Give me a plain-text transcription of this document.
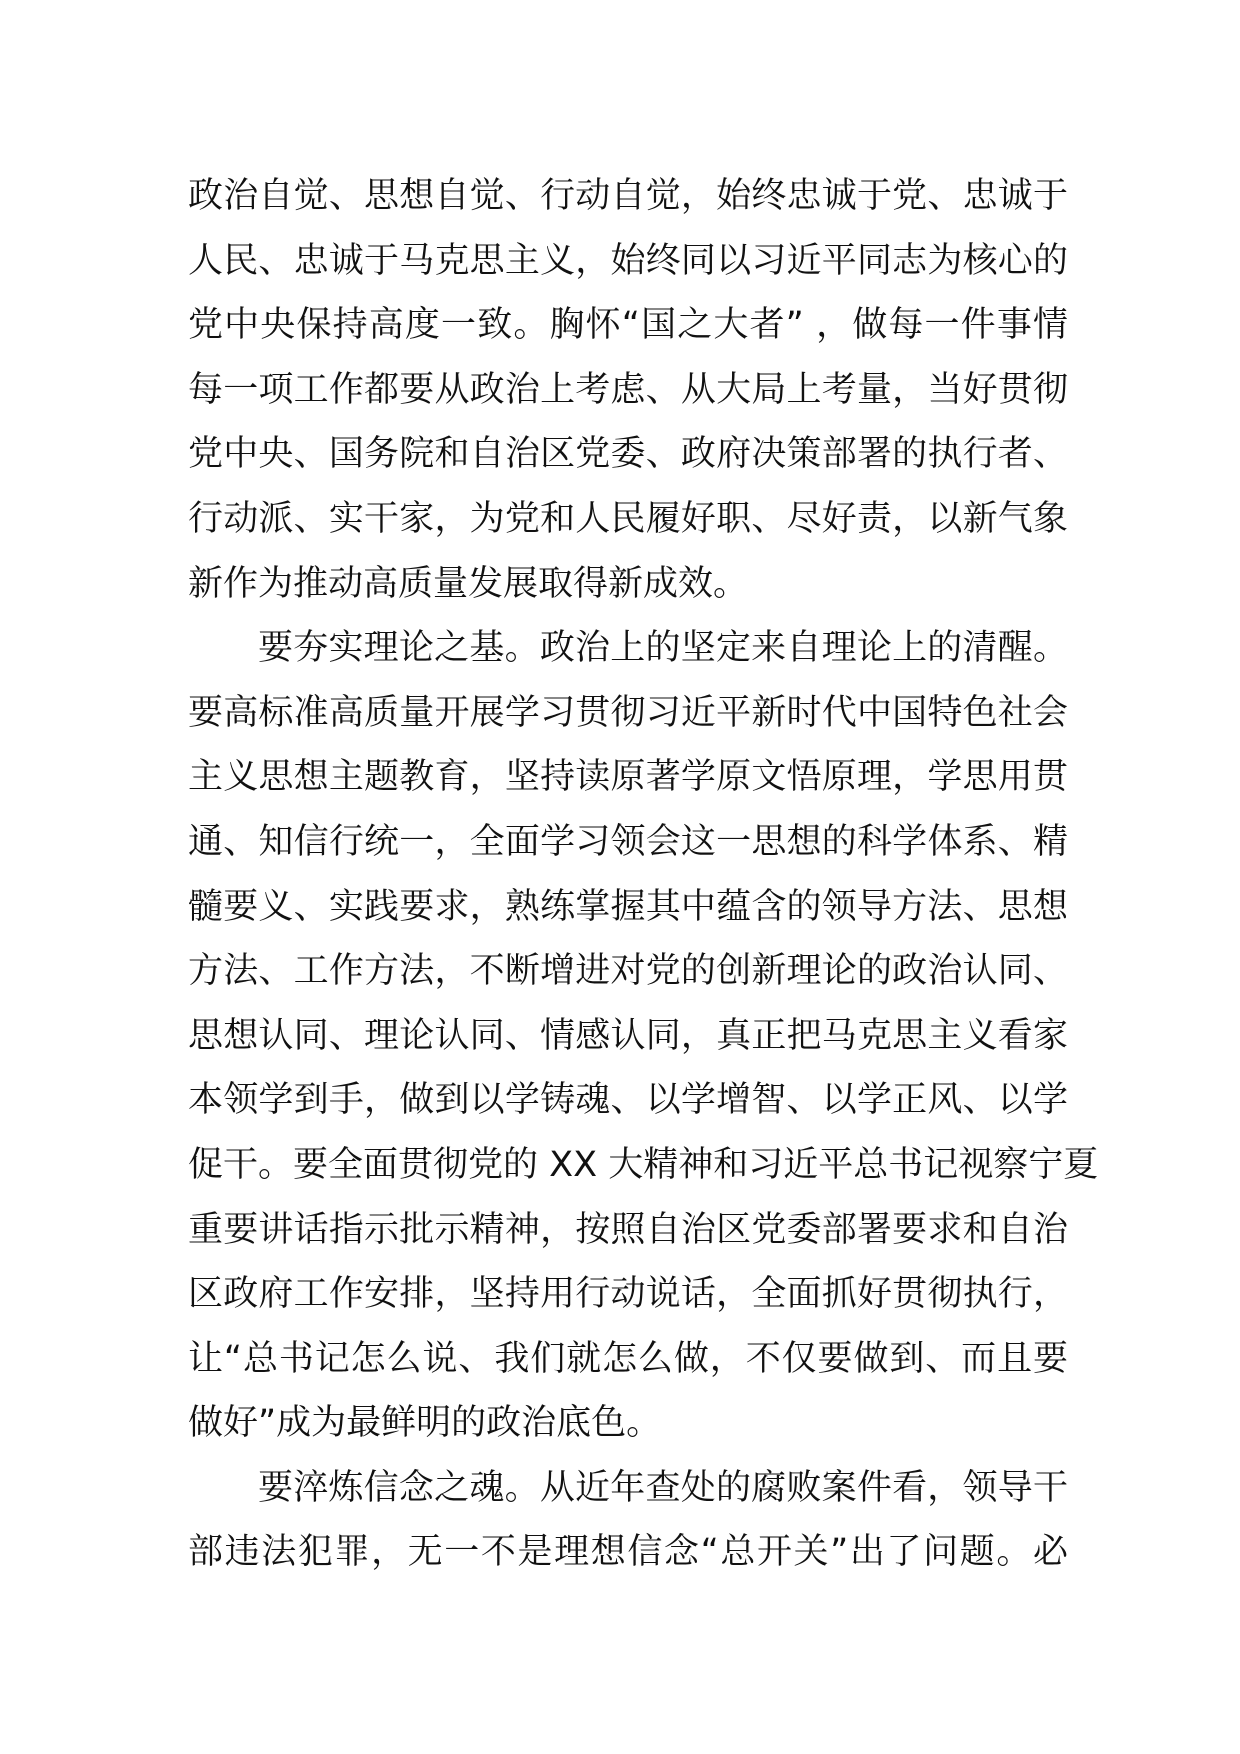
政治自觉、思想自觉、行动自觉，始终忠诚于党、忠诚于
人民、忠诚于马克思主义，始终同以习近平同志为核心的
党中央保持高度一致。胸怀“国之大者” ，做每一件事情
每一项工作都要从政治上考虑、从大局上考量，当好贯彻
党中央、国务院和自治区党委、政府决策部署的执行者、
行动派、实干家，为党和人民履好职、尽好责，以新气象
新作为推动高质量发展取得新成效。
要夯实理论之基。政治上的坚定来自理论上的清醒。
要高标准高质量开展学习贯彻习近平新时代中国特色社会
主义思想主题教育，坚持读原著学原文悟原理，学思用贯
通、知信行统一，全面学习领会这一思想的科学体系、精
髓要义、实践要求，熟练掌握其中蕴含的领导方法、思想
方法、工作方法，不断增进对党的创新理论的政治认同、
思想认同、理论认同、情感认同，真正把马克思主义看家
本领学到手，做到以学铸魂、以学增智、以学正风、以学
促干。要全面贯彻党的 XX 大精神和习近平总书记视察宁夏
重要讲话指示批示精神，按照自治区党委部署要求和自治
区政府工作安排，坚持用行动说话，全面抓好贯彻执行，
让“总书记怎么说、我们就怎么做，不仅要做到、而且要
做好”成为最鲜明的政治底色。
要淬炼信念之魂。从近年查处的腐败案件看，领导干
部违法犯罪，无一不是理想信念“总开关”出了问题。必
